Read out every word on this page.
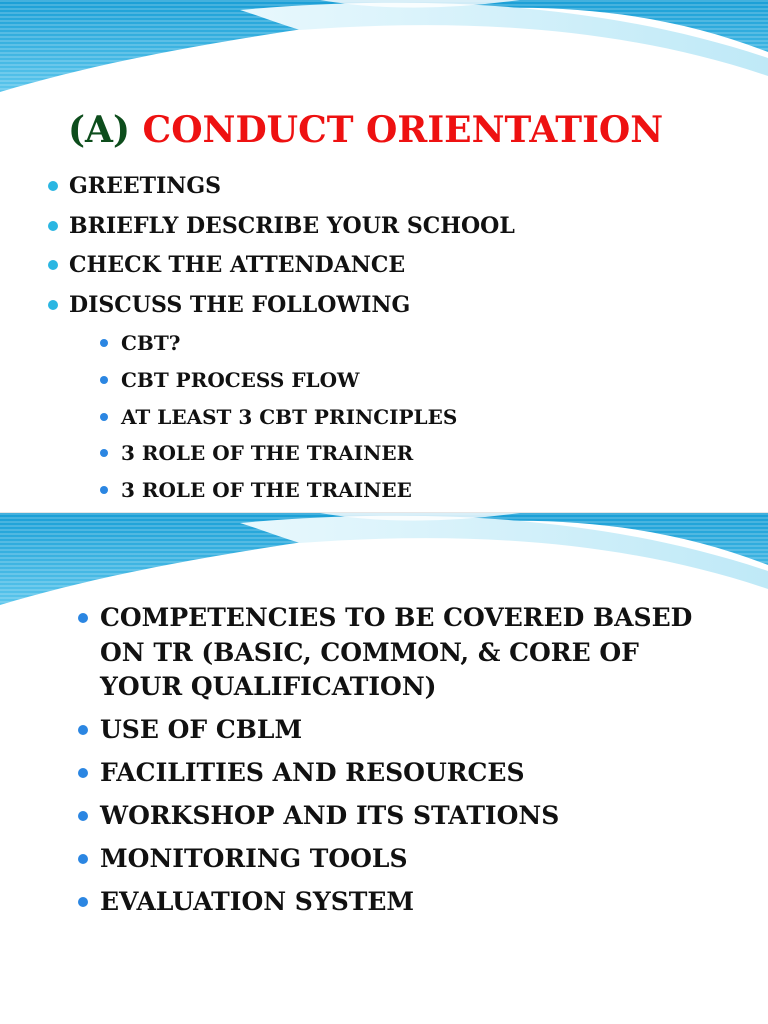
(A) CONDUCT ORIENTATION
GREETINGS
BRIEFLY DESCRIBE YOUR SCHOOL
CHECK THE ATTENDANCE
DISCUSS THE FOLLOWING
CBT?
CBT PROCESS FLOW
AT LEAST 3 CBT PRINCIPLES
3 ROLE OF THE TRAINER
3 ROLE OF THE TRAINEE
COMPETENCIES TO BE COVERED BASED ON TR (BASIC, COMMON, & CORE OF YOUR QUALIFICATION)
USE OF CBLM
FACILITIES AND RESOURCES
WORKSHOP AND ITS STATIONS
MONITORING TOOLS
EVALUATION SYSTEM
